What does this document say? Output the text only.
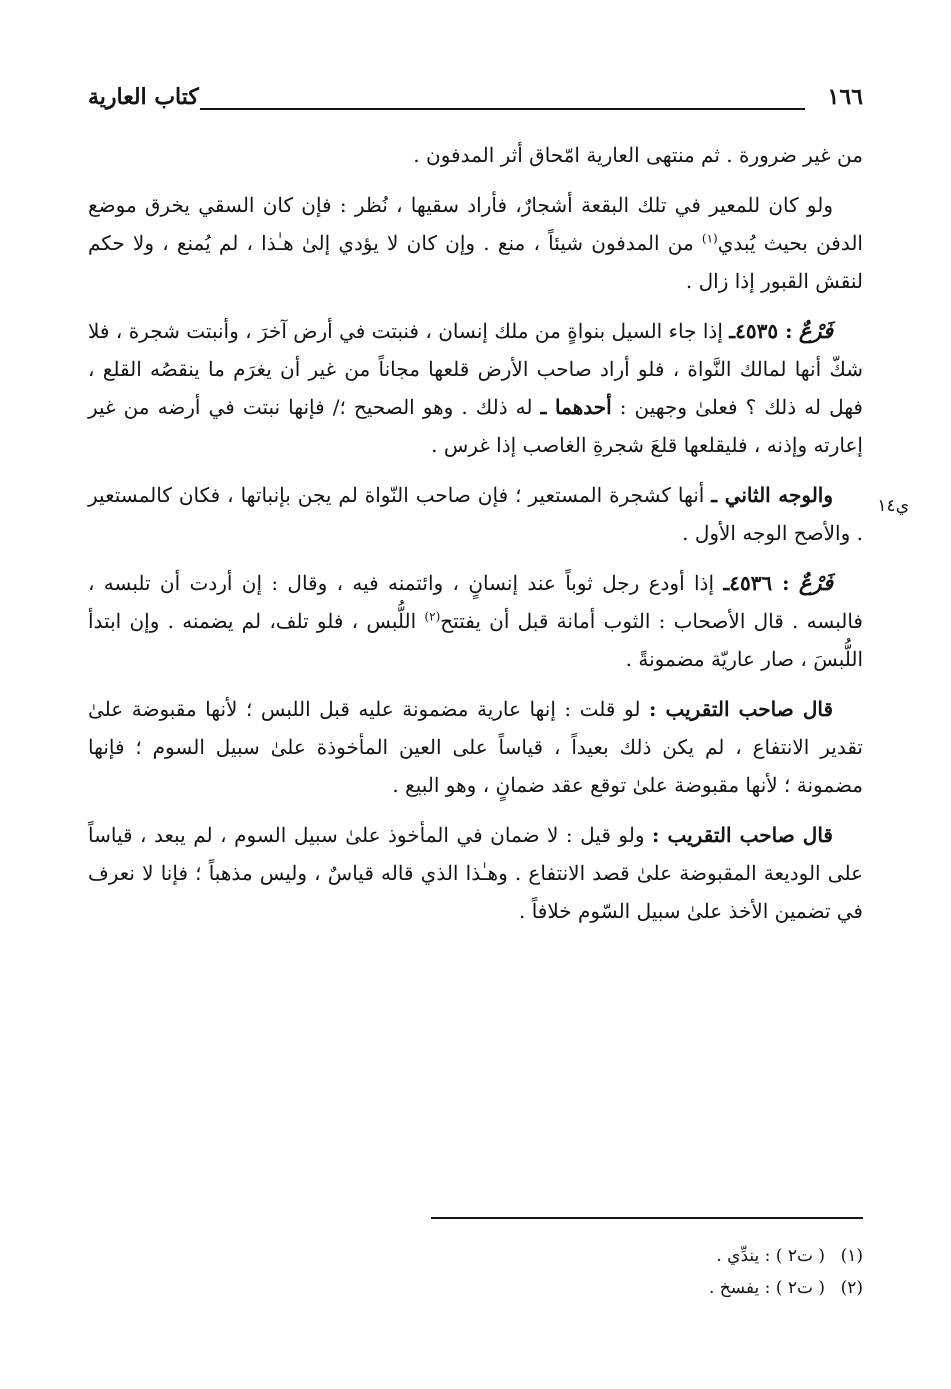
١٦٦
كتاب العارية
ي١٤

من غير ضرورة . ثم منتهى العارية امّحاق أثر المدفون .

ولو كان للمعير في تلك البقعة أشجارٌ، فأراد سقيها ، نُظر : فإن كان السقي يخرق موضع الدفن بحيث يُبدي$^{(١)}$ من المدفون شيئاً ، منع . وإن كان لا يؤدي إلىٰ هـٰذا ، لم يُمنع ، ولا حكم لنقش القبور إذا زال .

فَرْعٌ : ٤٥٣٥ـ إذا جاء السيل بنواةٍ من ملك إنسان ، فنبتت في أرض آخرَ ، وأنبتت شجرة ، فلا شكّ أنها لمالك النَّواة ، فلو أراد صاحب الأرض قلعها مجاناً من غير أن يغرَم ما ينقصُه القلع ، فهل له ذلك ؟ فعلىٰ وجهين : أحدهما ـ له ذلك . وهو الصحيح ؛/ فإنها نبتت في أرضه من غير إعارته وإذنه ، فليقلعها قلعَ شجرةِ الغاصب إذا غرس .

والوجه الثاني ـ أنها كشجرة المستعير ؛ فإن صاحب النّواة لم يجن بإنباتها ، فكان كالمستعير . والأصح الوجه الأول .

فَرْعٌ : ٤٥٣٦ـ إذا أودع رجل ثوباً عند إنسانٍ ، وائتمنه فيه ، وقال : إن أردت أن تلبسه ، فالبسه . قال الأصحاب : الثوب أمانة قبل أن يفتتح$^{(٢)}$ اللُّبس ، فلو تلف، لم يضمنه . وإن ابتدأ اللُّبسَ ، صار عاريّة مضمونةً .

قال صاحب التقريب : لو قلت : إنها عارية مضمونة عليه قبل اللبس ؛ لأنها مقبوضة علىٰ تقدير الانتفاع ، لم يكن ذلك بعيداً ، قياساً على العين المأخوذة علىٰ سبيل السوم ؛ فإنها مضمونة ؛ لأنها مقبوضة علىٰ توقع عقد ضمانٍ ، وهو البيع .

قال صاحب التقريب : ولو قيل : لا ضمان في المأخوذ علىٰ سبيل السوم ، لم يبعد ، قياساً على الوديعة المقبوضة علىٰ قصد الانتفاع . وهـٰذا الذي قاله قياسٌ ، وليس مذهباً ؛ فإنا لا نعرف في تضمين الأخذ علىٰ سبيل السّوم خلافاً .

(١)( ت٢ ) : يندِّي .
(٢)( ت٢ ) : يفسخ .
